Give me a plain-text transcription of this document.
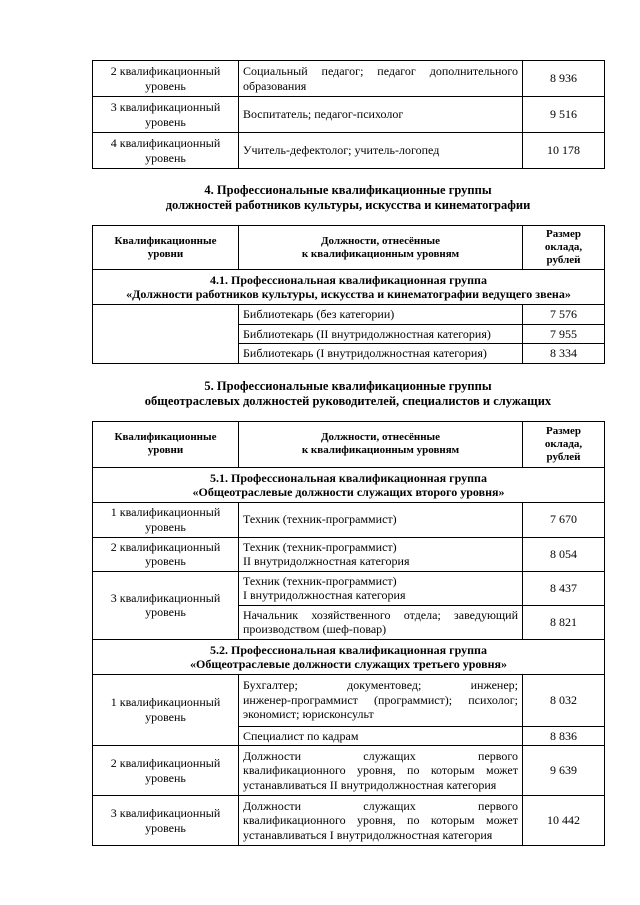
2 квалификационный
уровень	Социальный педагог; педагог дополнительного образования	8 936

3 квалификационный
уровень	Воспитатель; педагог-психолог	9 516

4 квалификационный
уровень	Учитель-дефектолог; учитель-логопед	10 178

4. Профессиональные квалификационные группы
должностей работников культуры, искусства и кинематографии

Квалификационные
уровни	Должности, отнесённые
к квалификационным уровням	Размер
оклада,
рублей

4.1. Профессиональная квалификационная группа
«Должности работников культуры, искусства и кинематографии ведущего звена»		

	Библиотекарь (без категории)	7 576
	Библиотекарь (II внутридолжностная категория)	7 955
	Библиотекарь (I внутридолжностная категория)	8 334

5. Профессиональные квалификационные группы
общеотраслевых должностей руководителей, специалистов и служащих

Квалификационные
уровни	Должности, отнесённые
к квалификационным уровням	Размер
оклада,
рублей

5.1. Профессиональная квалификационная группа
«Общеотраслевые должности служащих второго уровня»		

1 квалификационный
уровень	Техник (техник-программист)	7 670

2 квалификационный
уровень	Техник (техник-программист)
II внутридолжностная категория	8 054

3 квалификационный
уровень	Техник (техник-программист)
I внутридолжностная категория	8 437

	Начальник хозяйственного отдела; заведующий
производством (шеф-повар)	8 821

5.2. Профессиональная квалификационная группа
«Общеотраслевые должности служащих третьего уровня»		

1 квалификационный
уровень	Бухгалтер; документовед; инженер;
инженер-программист (программист); психолог;
экономист; юрисконсульт	8 032

	Специалист по кадрам	8 836

2 квалификационный
уровень	Должности служащих первого
квалификационного уровня, по которым может
устанавливаться II внутридолжностная категория	9 639

3 квалификационный
уровень	Должности служащих первого
квалификационного уровня, по которым может
устанавливаться I внутридолжностная категория	10 442
